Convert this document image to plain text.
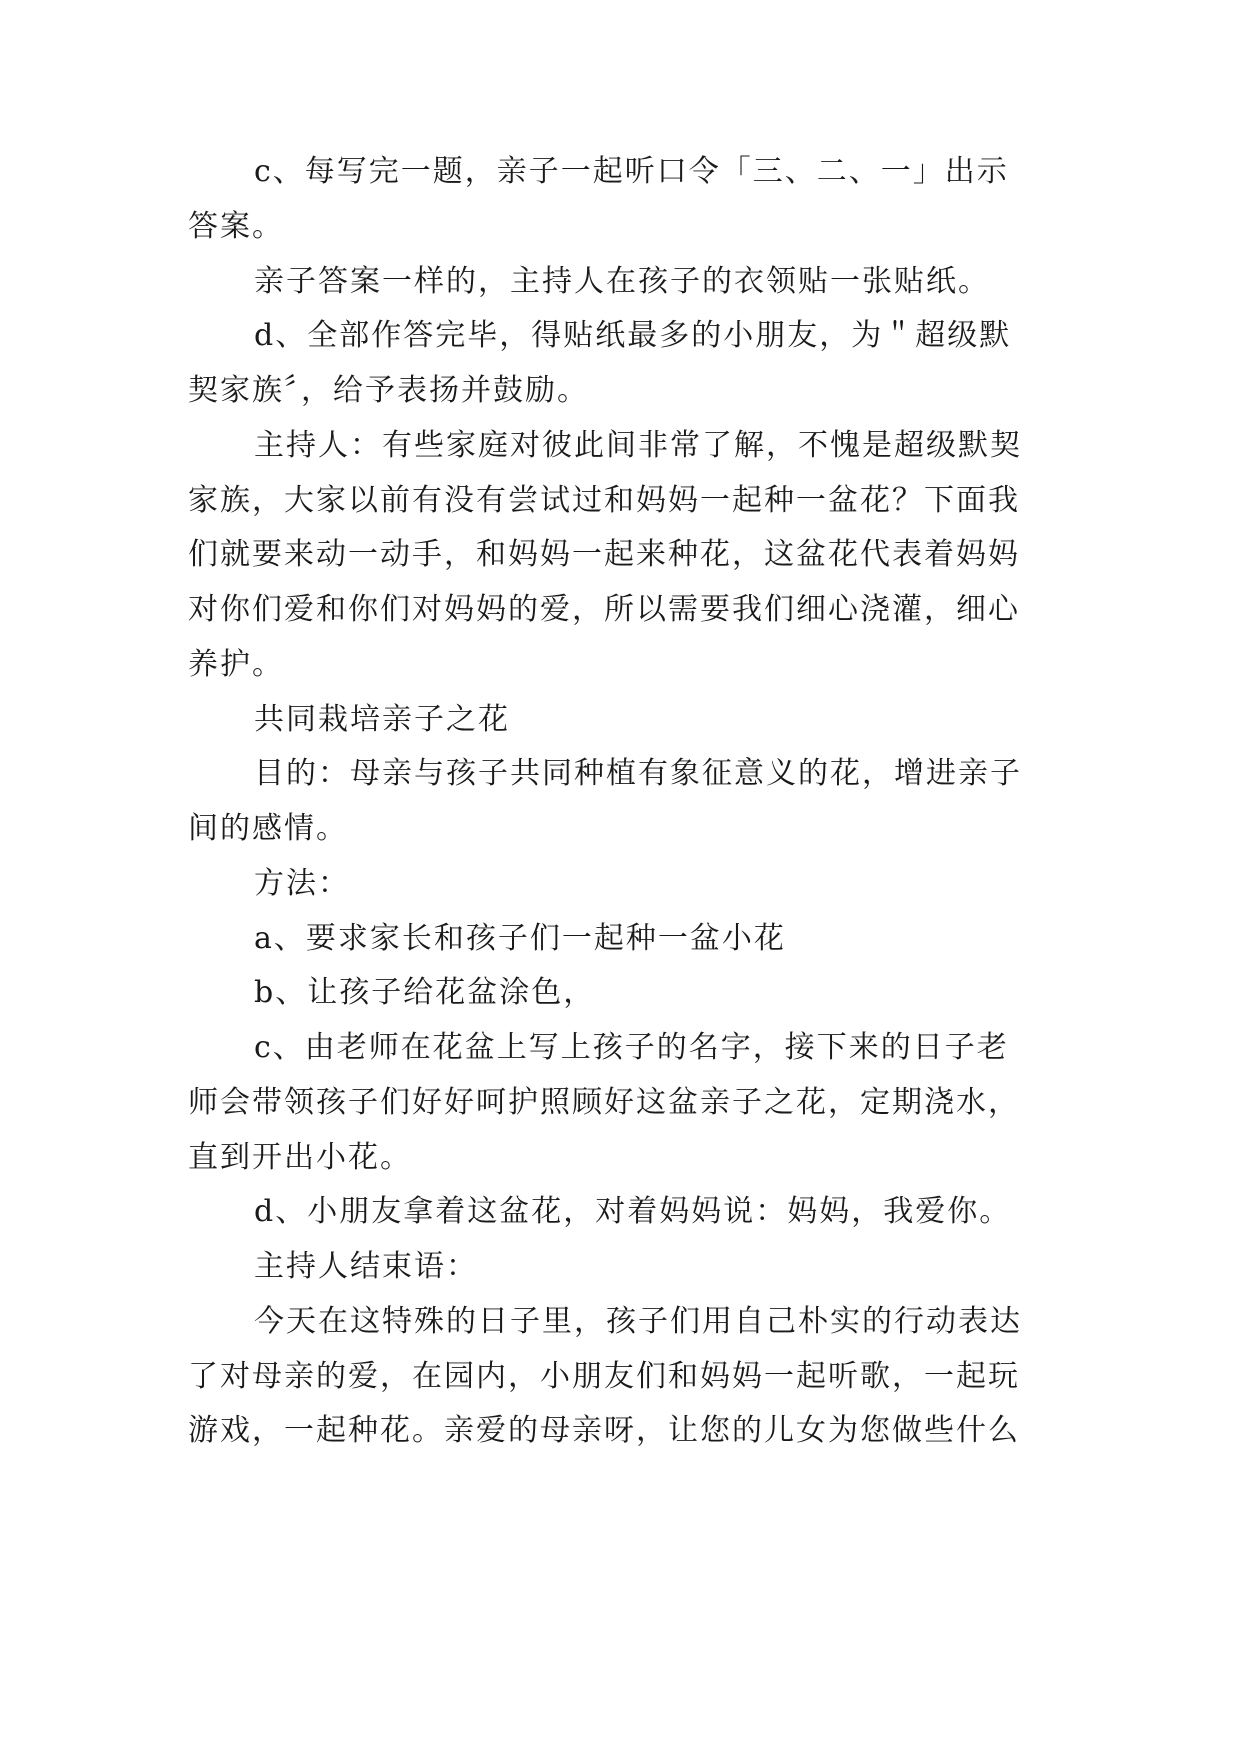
c、每写完一题，亲子一起听口令「三、二、一」出示
答案。
亲子答案一样的，主持人在孩子的衣领贴一张贴纸。
d、全部作答完毕，得贴纸最多的小朋友，为＂超级默
契家族〞，给予表扬并鼓励。
主持人：有些家庭对彼此间非常了解，不愧是超级默契
家族，大家以前有没有尝试过和妈妈一起种一盆花？下面我
们就要来动一动手，和妈妈一起来种花，这盆花代表着妈妈
对你们爱和你们对妈妈的爱，所以需要我们细心浇灌，细心
养护。
共同栽培亲子之花
目的：母亲与孩子共同种植有象征意义的花，增进亲子
间的感情。
方法：
a、要求家长和孩子们一起种一盆小花
b、让孩子给花盆涂色，
c、由老师在花盆上写上孩子的名字，接下来的日子老
师会带领孩子们好好呵护照顾好这盆亲子之花，定期浇水，
直到开出小花。
d、小朋友拿着这盆花，对着妈妈说：妈妈，我爱你。
主持人结束语：
今天在这特殊的日子里，孩子们用自己朴实的行动表达
了对母亲的爱，在园内，小朋友们和妈妈一起听歌，一起玩
游戏，一起种花。亲爱的母亲呀，让您的儿女为您做些什么
